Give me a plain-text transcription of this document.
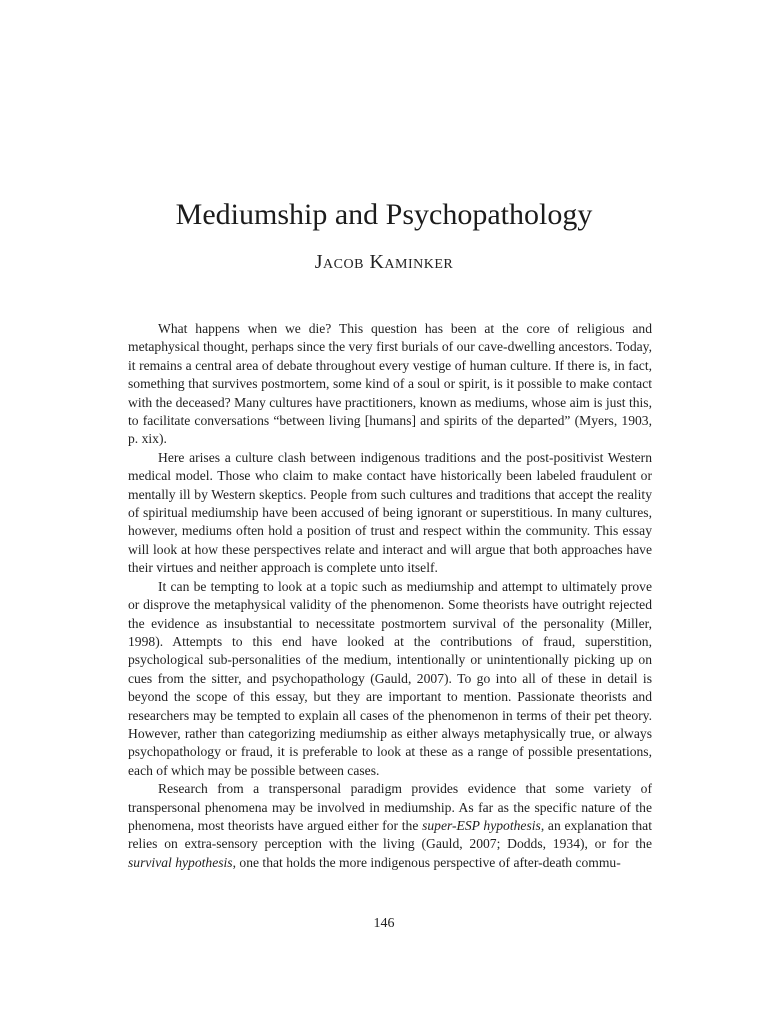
Mediumship and Psychopathology
Jacob Kaminker

What happens when we die? This question has been at the core of religious and metaphysical thought, perhaps since the very first burials of our cave-dwelling ancestors. Today, it remains a central area of debate throughout every vestige of human culture. If there is, in fact, something that survives postmortem, some kind of a soul or spirit, is it possible to make contact with the deceased? Many cultures have practitioners, known as mediums, whose aim is just this, to facilitate conversations “between living [humans] and spirits of the departed” (Myers, 1903, p. xix).

Here arises a culture clash between indigenous traditions and the post-positivist Western medical model. Those who claim to make contact have historically been labeled fraudulent or mentally ill by Western skeptics. People from such cultures and traditions that accept the reality of spiritual mediumship have been accused of being ignorant or superstitious. In many cultures, however, mediums often hold a position of trust and respect within the community. This essay will look at how these perspectives relate and interact and will argue that both approaches have their virtues and neither approach is complete unto itself.

It can be tempting to look at a topic such as mediumship and attempt to ultimately prove or disprove the metaphysical validity of the phenomenon. Some theorists have outright rejected the evidence as insubstantial to necessitate postmortem survival of the personality (Miller, 1998). Attempts to this end have looked at the contributions of fraud, superstition, psychological sub-personalities of the medium, intentionally or unintentionally picking up on cues from the sitter, and psychopathology (Gauld, 2007). To go into all of these in detail is beyond the scope of this essay, but they are important to mention. Passionate theorists and researchers may be tempted to explain all cases of the phenomenon in terms of their pet theory. However, rather than categorizing mediumship as either always metaphysically true, or always psychopathology or fraud, it is preferable to look at these as a range of possible presentations, each of which may be possible between cases.

Research from a transpersonal paradigm provides evidence that some variety of transpersonal phenomena may be involved in mediumship. As far as the specific nature of the phenomena, most theorists have argued either for the super-ESP hypothesis, an explanation that relies on extra-sensory perception with the living (Gauld, 2007; Dodds, 1934), or for the survival hypothesis, one that holds the more indigenous perspective of after-death commu-

146
